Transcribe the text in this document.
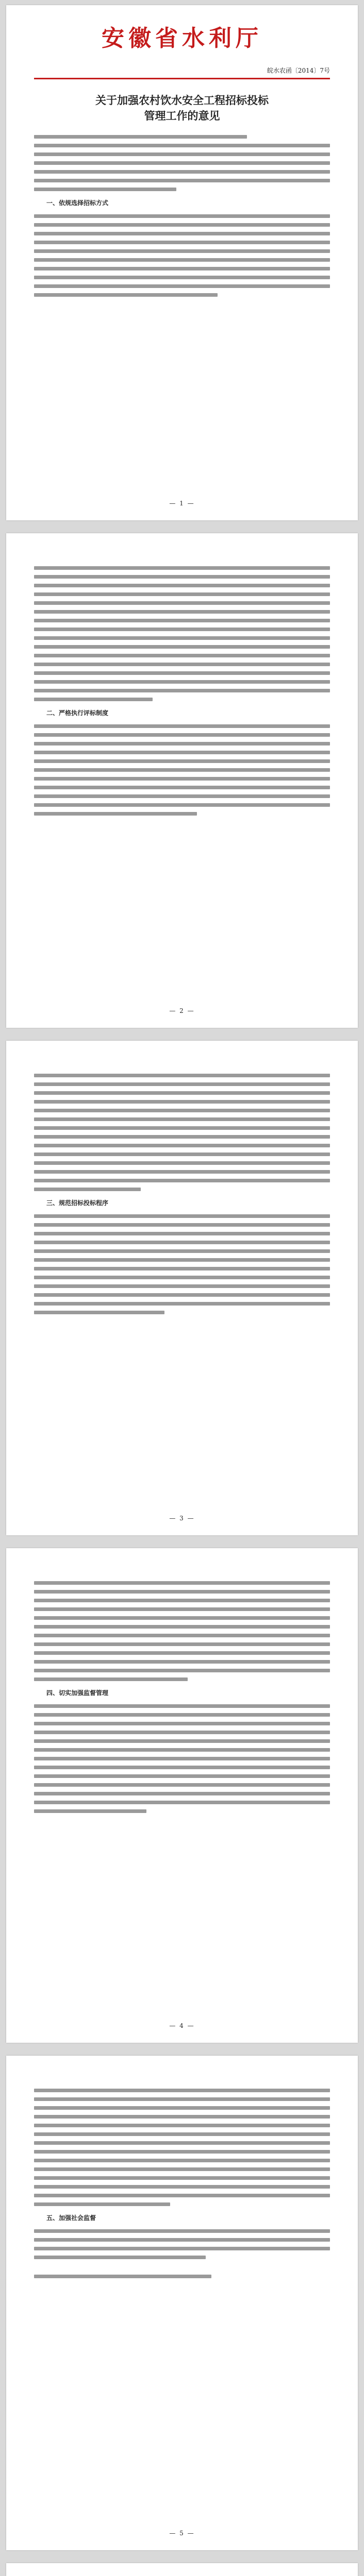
安徽省水利厅
皖水农函〔2014〕7号
关于加强农村饮水安全工程招标投标
管理工作的意见
一、依规选择招标方式
— 1 —
二、严格执行评标制度
— 2 —
三、规范招标投标程序
— 3 —
四、切实加强监督管理
— 4 —
五、加强社会监督
— 5 —
